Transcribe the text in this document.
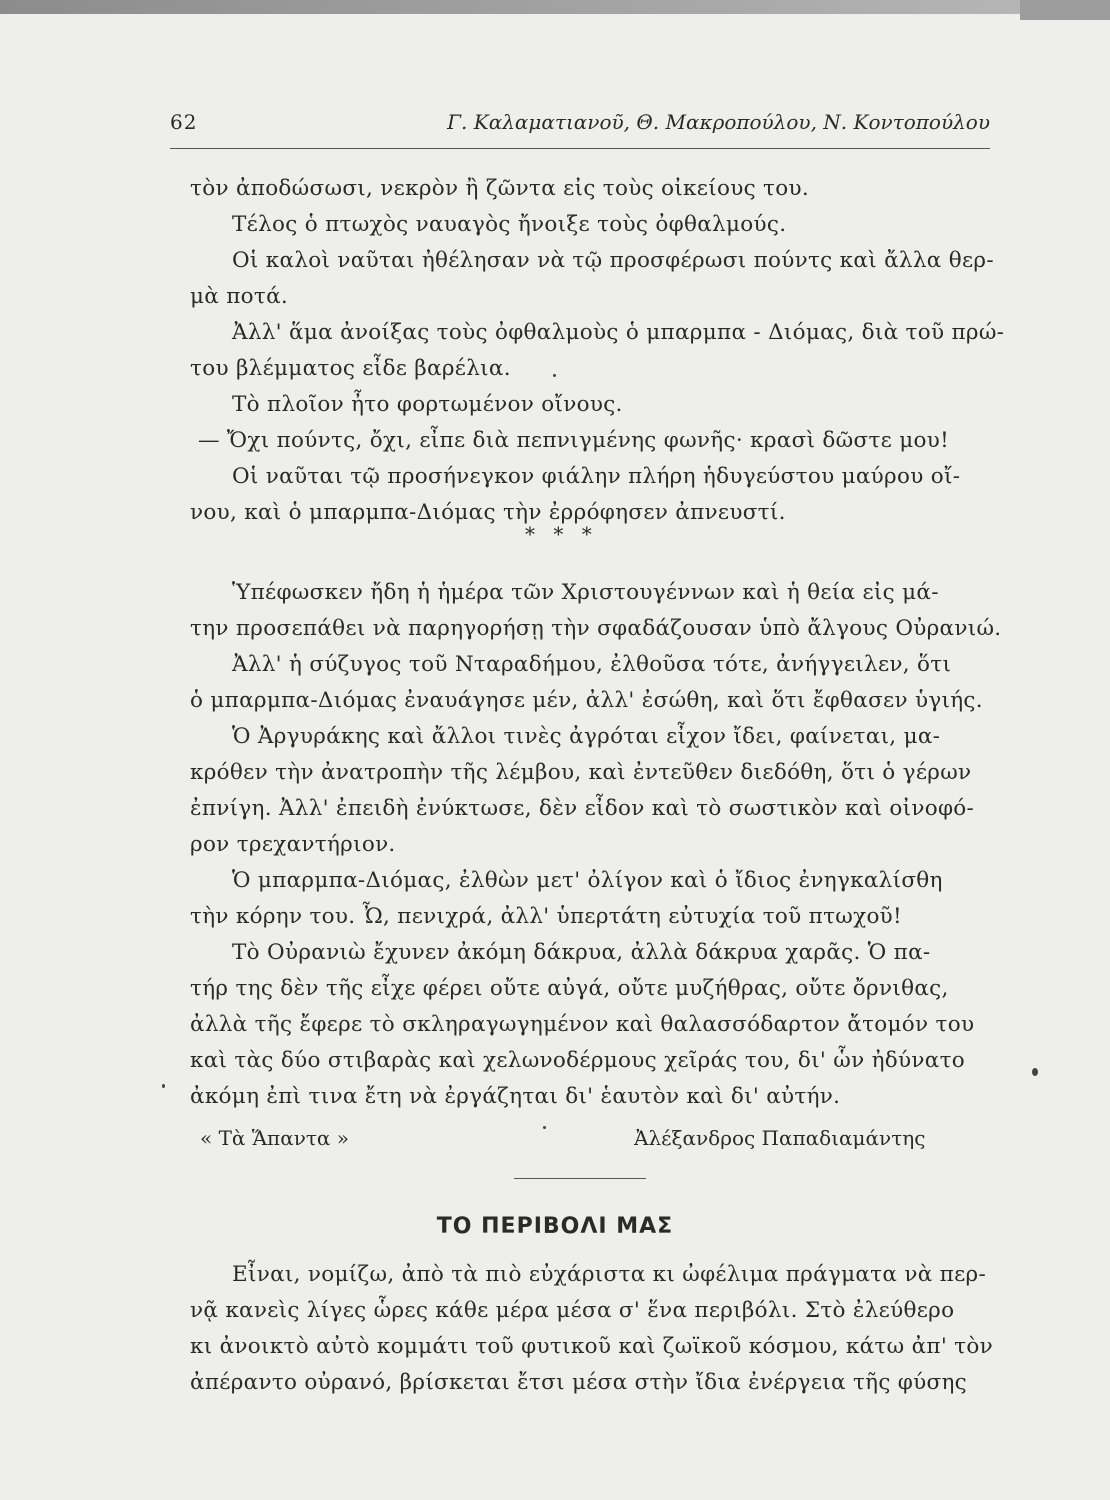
62	Γ. Καλαματιανοῦ, Θ. Μακροπούλου, Ν. Κοντοπούλου
τὸν ἀποδώσωσι, νεκρὸν ἢ ζῶντα εἰς τοὺς οἰκείους του.
Τέλος ὁ πτωχὸς ναυαγὸς ἤνοιξε τοὺς ὀφθαλμούς.
Οἱ καλοὶ ναῦται ἠθέλησαν νὰ τῷ προσφέρωσι πούντς καὶ ἄλλα θερ-
μὰ ποτά.
Ἀλλ' ἅμα ἀνοίξας τοὺς ὀφθαλμοὺς ὁ μπαρμπα - Διόμας, διὰ τοῦ πρώ-
του βλέμματος εἶδε βαρέλια.
Τὸ πλοῖον ἦτο φορτωμένον οἴνους.
— Ὄχι πούντς, ὄχι, εἶπε διὰ πεπνιγμένης φωνῆς· κρασὶ δῶστε μου!
Οἱ ναῦται τῷ προσήνεγκον φιάλην πλήρη ἡδυγεύστου μαύρου οἴ-
νου, καὶ ὁ μπαρμπα-Διόμας τὴν ἐρρόφησεν ἀπνευστί.
* * *
Ὑπέφωσκεν ἤδη ἡ ἡμέρα τῶν Χριστουγέννων καὶ ἡ θεία εἰς μά-
την προσεπάθει νὰ παρηγορήσῃ τὴν σφαδάζουσαν ὑπὸ ἄλγους Οὐρανιώ.
Ἀλλ' ἡ σύζυγος τοῦ Νταραδήμου, ἐλθοῦσα τότε, ἀνήγγειλεν, ὅτι
ὁ μπαρμπα-Διόμας ἐναυάγησε μέν, ἀλλ' ἐσώθη, καὶ ὅτι ἔφθασεν ὑγιής.
Ὁ Ἀργυράκης καὶ ἄλλοι τινὲς ἀγρόται εἶχον ἴδει, φαίνεται, μα-
κρόθεν τὴν ἀνατροπὴν τῆς λέμβου, καὶ ἐντεῦθεν διεδόθη, ὅτι ὁ γέρων
ἐπνίγη. Ἀλλ' ἐπειδὴ ἐνύκτωσε, δὲν εἶδον καὶ τὸ σωστικὸν καὶ οἰνοφό-
ρον τρεχαντήριον.
Ὁ μπαρμπα-Διόμας, ἐλθὼν μετ' ὀλίγον καὶ ὁ ἴδιος ἐνηγκαλίσθη
τὴν κόρην του. Ὦ, πενιχρά, ἀλλ' ὑπερτάτη εὐτυχία τοῦ πτωχοῦ!
Τὸ Οὐρανιὼ ἔχυνεν ἀκόμη δάκρυα, ἀλλὰ δάκρυα χαρᾶς. Ὁ πα-
τήρ της δὲν τῆς εἶχε φέρει οὔτε αὐγά, οὔτε μυζήθρας, οὔτε ὄρνιθας,
ἀλλὰ τῆς ἔφερε τὸ σκληραγωγημένον καὶ θαλασσόδαρτον ἄτομόν του
καὶ τὰς δύο στιβαρὰς καὶ χελωνοδέρμους χεῖράς του, δι' ὧν ἠδύνατο
ἀκόμη ἐπὶ τινα ἔτη νὰ ἐργάζηται δι' ἑαυτὸν καὶ δι' αὐτήν.
« Τὰ Ἅπαντα »	Ἀλέξανδρος Παπαδιαμάντης
ΤΟ ΠΕΡΙΒΟΛΙ ΜΑΣ
Εἶναι, νομίζω, ἀπὸ τὰ πιὸ εὐχάριστα κι ὠφέλιμα πράγματα νὰ περ-
νᾷ κανεὶς λίγες ὧρες κάθε μέρα μέσα σ' ἕνα περιβόλι. Στὸ ἐλεύθερο
κι ἀνοικτὸ αὐτὸ κομμάτι τοῦ φυτικοῦ καὶ ζωϊκοῦ κόσμου, κάτω ἀπ' τὸν
ἀπέραντο οὐρανό, βρίσκεται ἔτσι μέσα στὴν ἴδια ἐνέργεια τῆς φύσης
